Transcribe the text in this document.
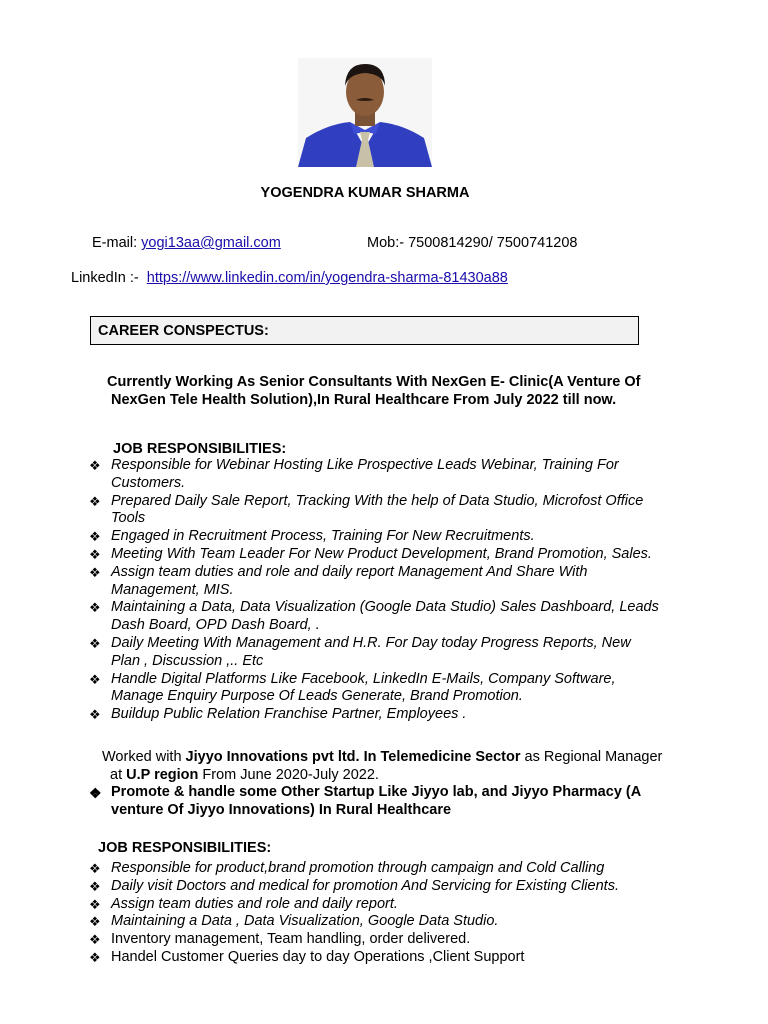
YOGENDRA KUMAR SHARMA
E-mail: yogi13aa@gmail.com	Mob:- 7500814290/ 7500741208
LinkedIn :- https://www.linkedin.com/in/yogendra-sharma-81430a88
CAREER CONSPECTUS:
Currently Working As Senior Consultants With NexGen E- Clinic(A Venture Of
NexGen Tele Health Solution),In Rural Healthcare From July 2022 till now.
JOB RESPONSIBILITIES:
❖ Responsible for Webinar Hosting Like Prospective Leads Webinar, Training For
Customers.
❖ Prepared Daily Sale Report, Tracking With the help of Data Studio, Microfost Office
Tools
❖ Engaged in Recruitment Process, Training For New Recruitments.
❖ Meeting With Team Leader For New Product Development, Brand Promotion, Sales.
❖ Assign team duties and role and daily report Management And Share With
Management, MIS.
❖ Maintaining a Data, Data Visualization (Google Data Studio) Sales Dashboard, Leads
Dash Board, OPD Dash Board, .
❖ Daily Meeting With Management and H.R. For Day today Progress Reports, New
Plan , Discussion ,.. Etc
❖ Handle Digital Platforms Like Facebook, LinkedIn E-Mails, Company Software,
Manage Enquiry Purpose Of Leads Generate, Brand Promotion.
❖ Buildup Public Relation Franchise Partner, Employees .
Worked with Jiyyo Innovations pvt ltd. In Telemedicine Sector as Regional Manager
at U.P region From June 2020-July 2022.
❖ Promote & handle some Other Startup Like Jiyyo lab, and Jiyyo Pharmacy (A
venture Of Jiyyo Innovations) In Rural Healthcare
JOB RESPONSIBILITIES:
❖ Responsible for product,brand promotion through campaign and Cold Calling
❖ Daily visit Doctors and medical for promotion And Servicing for Existing Clients.
❖ Assign team duties and role and daily report.
❖ Maintaining a Data , Data Visualization, Google Data Studio.
❖ Inventory management, Team handling, order delivered.
❖ Handel Customer Queries day to day Operations ,Client Support
